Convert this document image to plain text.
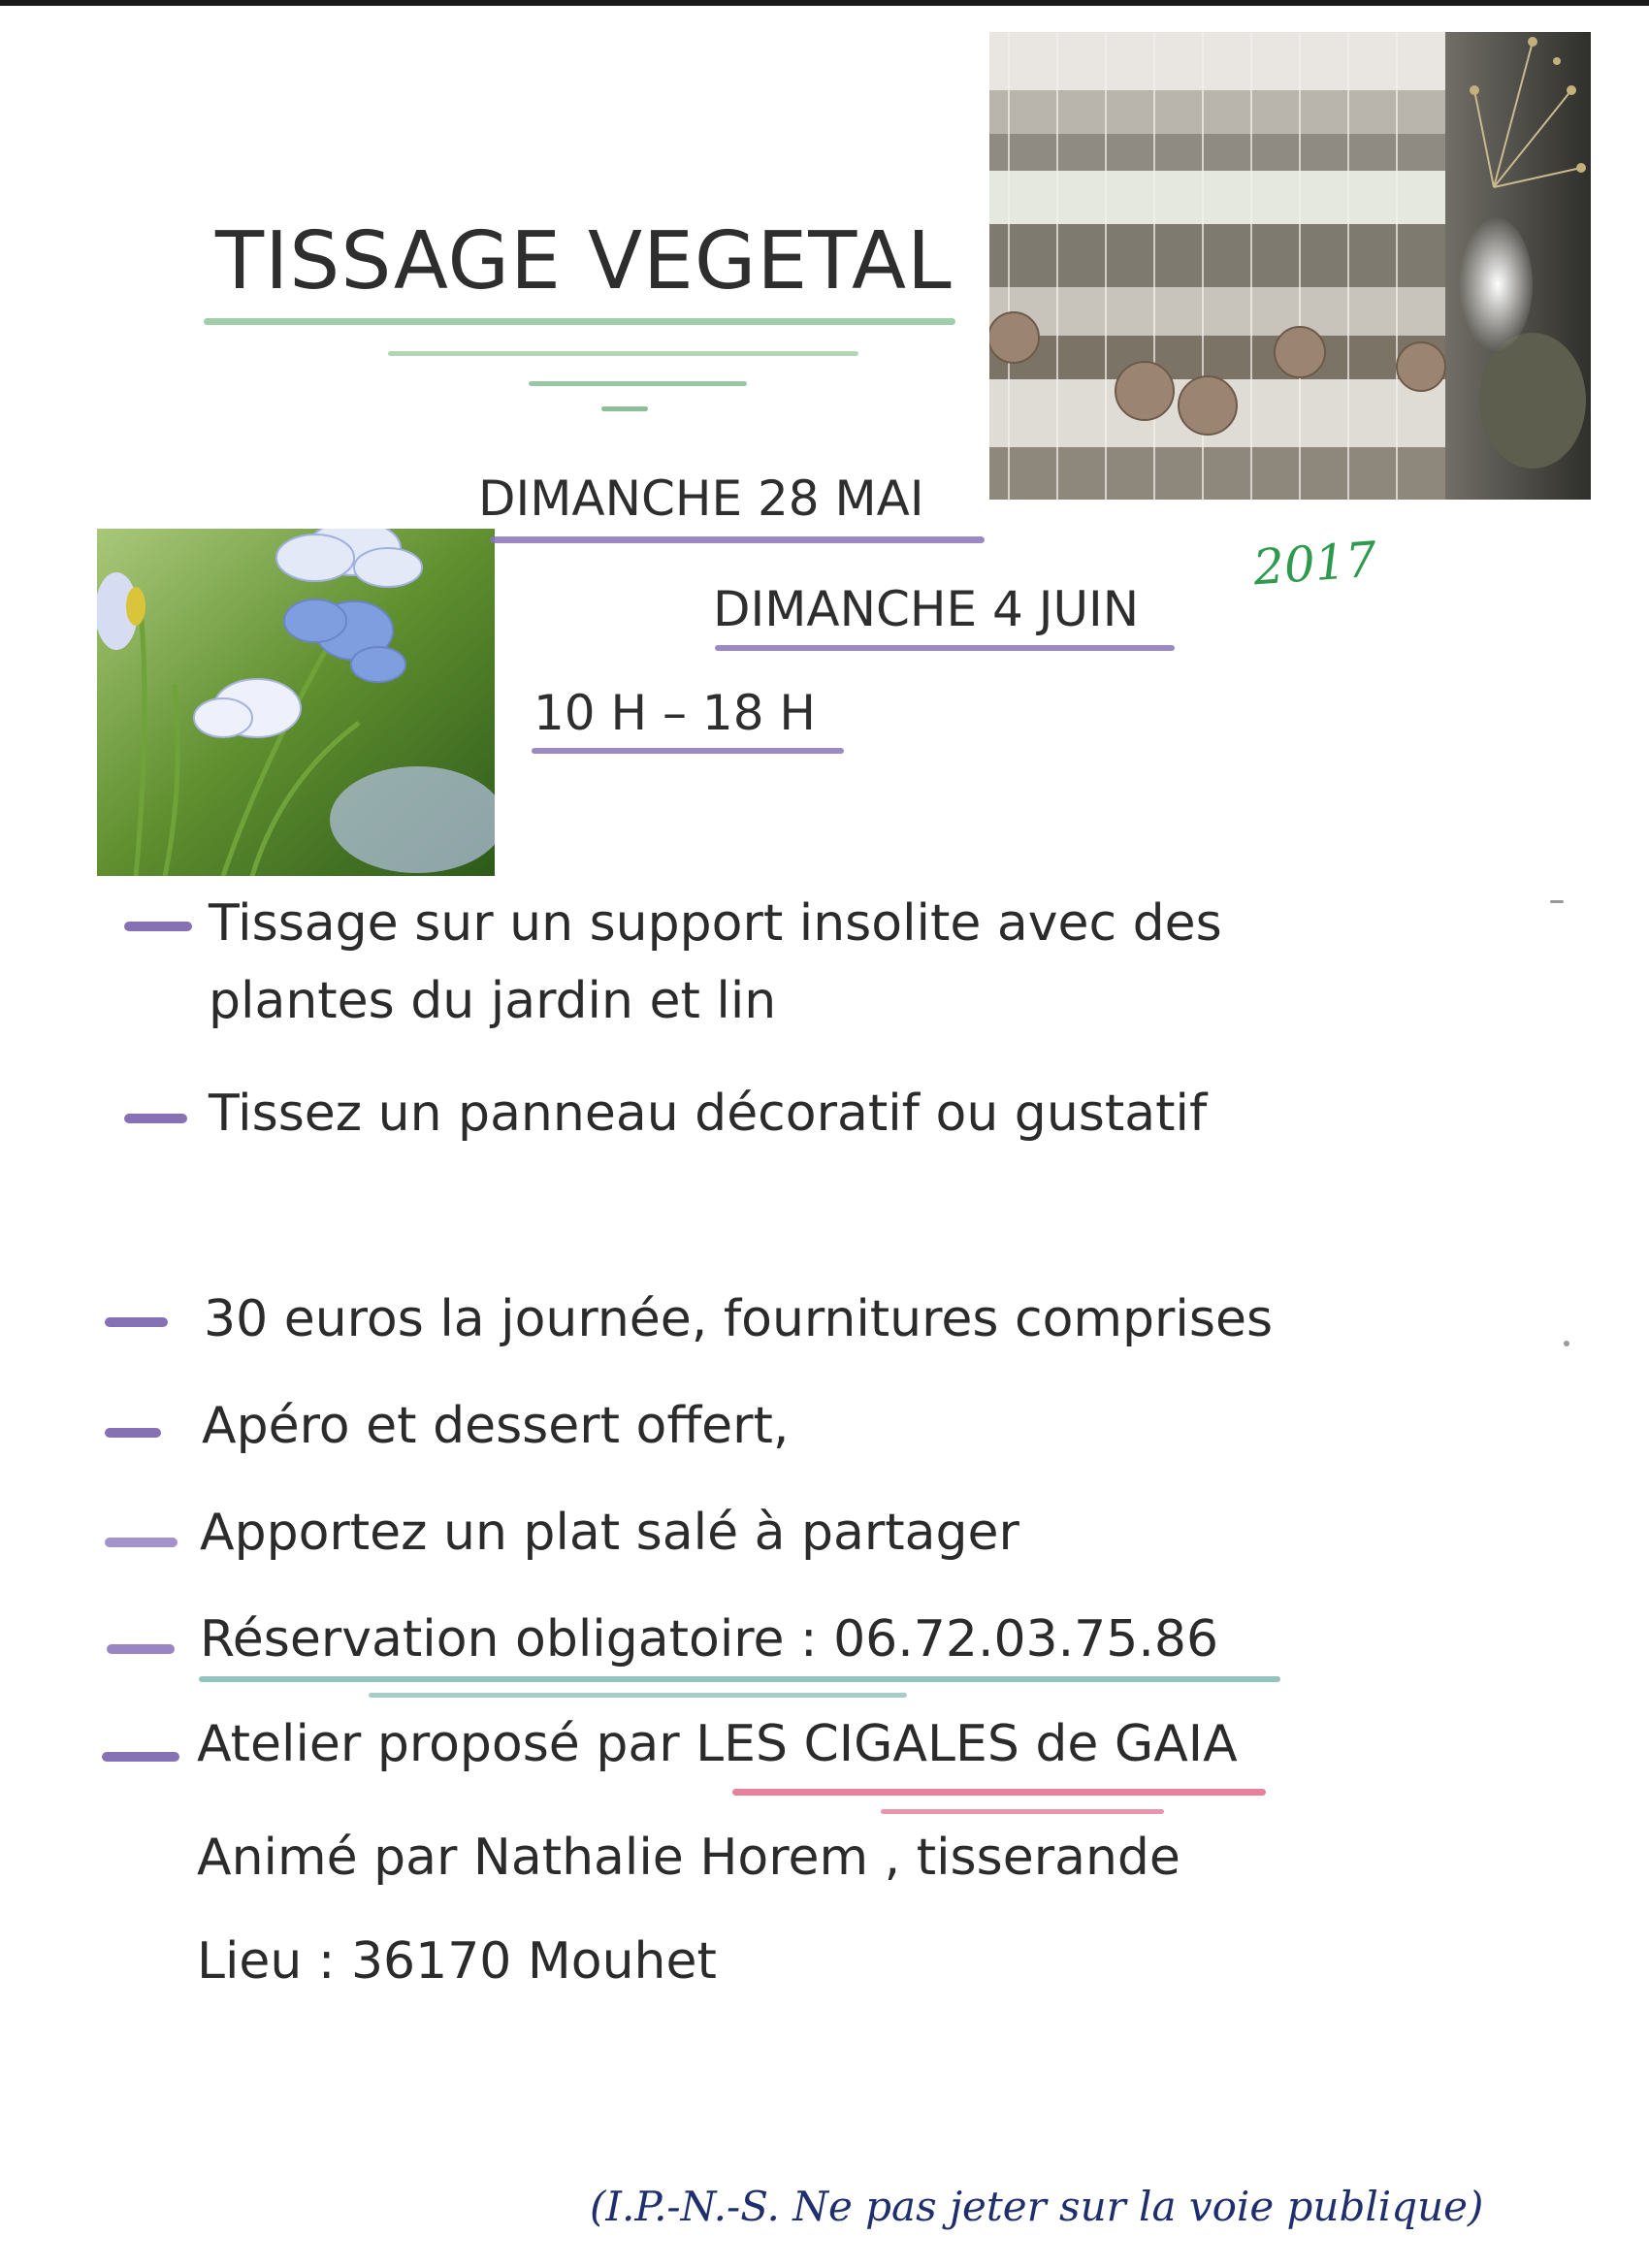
TISSAGE VEGETAL
DIMANCHE 28 MAI
DIMANCHE 4 JUIN
10 H – 18 H
2017
Tissage sur un support insolite avec des
plantes du jardin et lin
Tissez un panneau décoratif ou gustatif
30 euros la journée, fournitures comprises
Apéro et dessert offert,
Apportez un plat salé à partager
Réservation obligatoire : 06.72.03.75.86
Atelier proposé par LES CIGALES de GAIA
Animé par Nathalie Horem , tisserande
Lieu : 36170 Mouhet
(I.P.-N.-S. Ne pas jeter sur la voie publique)
